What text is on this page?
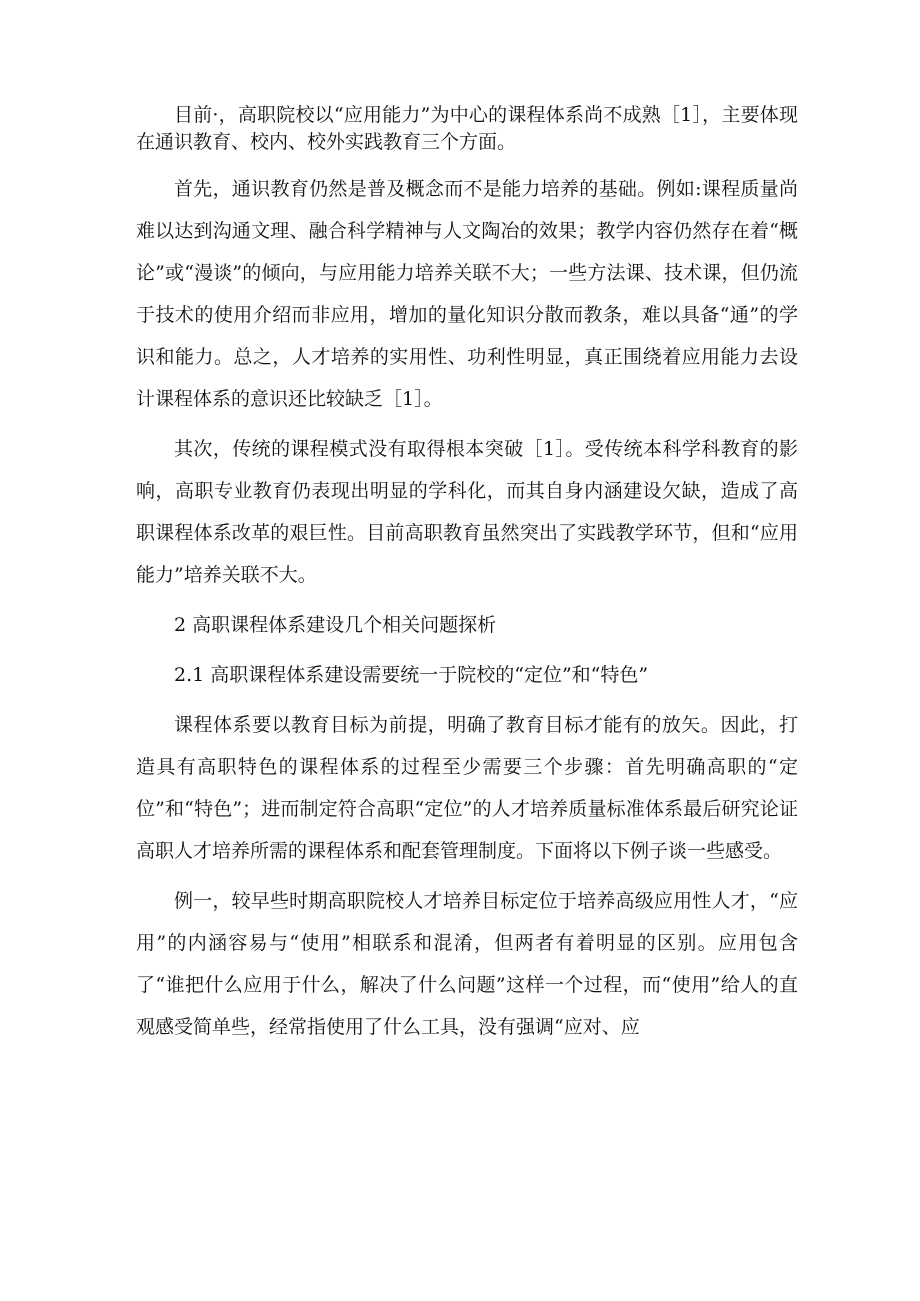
目前·，高职院校以“应用能力”为中心的课程体系尚不成熟［1］，主要体现在通识教育、校内、校外实践教育三个方面。

首先，通识教育仍然是普及概念而不是能力培养的基础。例如:课程质量尚难以达到沟通文理、融合科学精神与人文陶冶的效果；教学内容仍然存在着“概论”或“漫谈”的倾向，与应用能力培养关联不大；一些方法课、技术课，但仍流于技术的使用介绍而非应用，增加的量化知识分散而教条，难以具备“通”的学识和能力。总之，人才培养的实用性、功利性明显，真正围绕着应用能力去设计课程体系的意识还比较缺乏［1］。

其次，传统的课程模式没有取得根本突破［1］。受传统本科学科教育的影响，高职专业教育仍表现出明显的学科化，而其自身内涵建设欠缺，造成了高职课程体系改革的艰巨性。目前高职教育虽然突出了实践教学环节，但和“应用能力”培养关联不大。

2 高职课程体系建设几个相关问题探析

2.1 高职课程体系建设需要统一于院校的“定位”和“特色”

课程体系要以教育目标为前提，明确了教育目标才能有的放矢。因此，打造具有高职特色的课程体系的过程至少需要三个步骤：首先明确高职的“定位”和“特色”；进而制定符合高职“定位”的人才培养质量标准体系最后研究论证高职人才培养所需的课程体系和配套管理制度。下面将以下例子谈一些感受。

例一，较早些时期高职院校人才培养目标定位于培养高级应用性人才，“应用”的内涵容易与“使用”相联系和混淆，但两者有着明显的区别。应用包含了“谁把什么应用于什么，解决了什么问题”这样一个过程，而“使用”给人的直观感受简单些，经常指使用了什么工具，没有强调“应对、应
